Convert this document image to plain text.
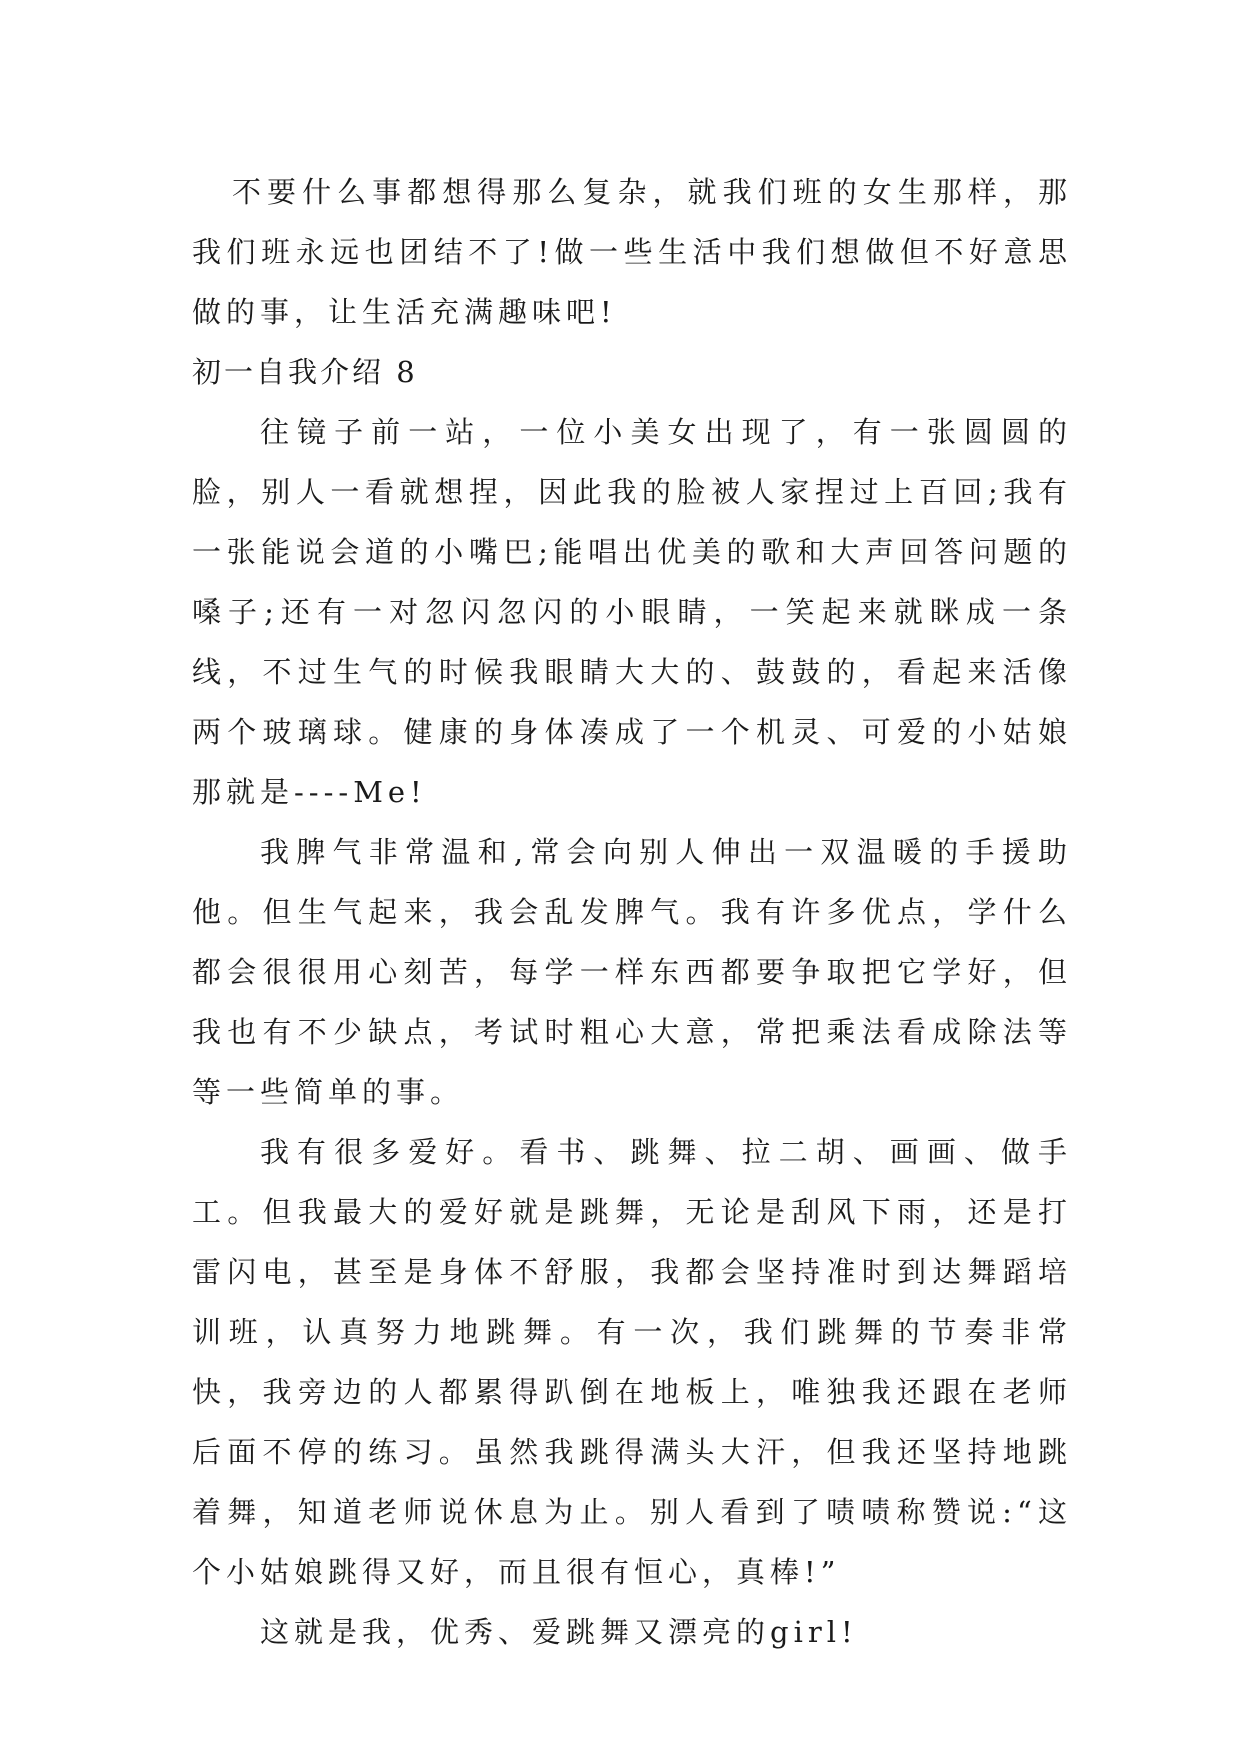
不要什么事都想得那么复杂，就我们班的女生那样，那我们班永远也团结不了!做一些生活中我们想做但不好意思做的事，让生活充满趣味吧!

初一自我介绍 8

往镜子前一站，一位小美女出现了，有一张圆圆的脸，别人一看就想捏，因此我的脸被人家捏过上百回;我有一张能说会道的小嘴巴;能唱出优美的歌和大声回答问题的嗓子;还有一对忽闪忽闪的小眼睛，一笑起来就眯成一条线，不过生气的时候我眼睛大大的、鼓鼓的，看起来活像两个玻璃球。健康的身体凑成了一个机灵、可爱的小姑娘那就是----Me!

我脾气非常温和,常会向别人伸出一双温暖的手援助他。但生气起来，我会乱发脾气。我有许多优点，学什么都会很很用心刻苦，每学一样东西都要争取把它学好，但我也有不少缺点，考试时粗心大意，常把乘法看成除法等等一些简单的事。

我有很多爱好。看书、跳舞、拉二胡、画画、做手工。但我最大的爱好就是跳舞，无论是刮风下雨，还是打雷闪电，甚至是身体不舒服，我都会坚持准时到达舞蹈培训班，认真努力地跳舞。有一次，我们跳舞的节奏非常快，我旁边的人都累得趴倒在地板上，唯独我还跟在老师后面不停的练习。虽然我跳得满头大汗，但我还坚持地跳着舞，知道老师说休息为止。别人看到了啧啧称赞说:“这个小姑娘跳得又好，而且很有恒心，真棒!”

这就是我，优秀、爱跳舞又漂亮的girl!
